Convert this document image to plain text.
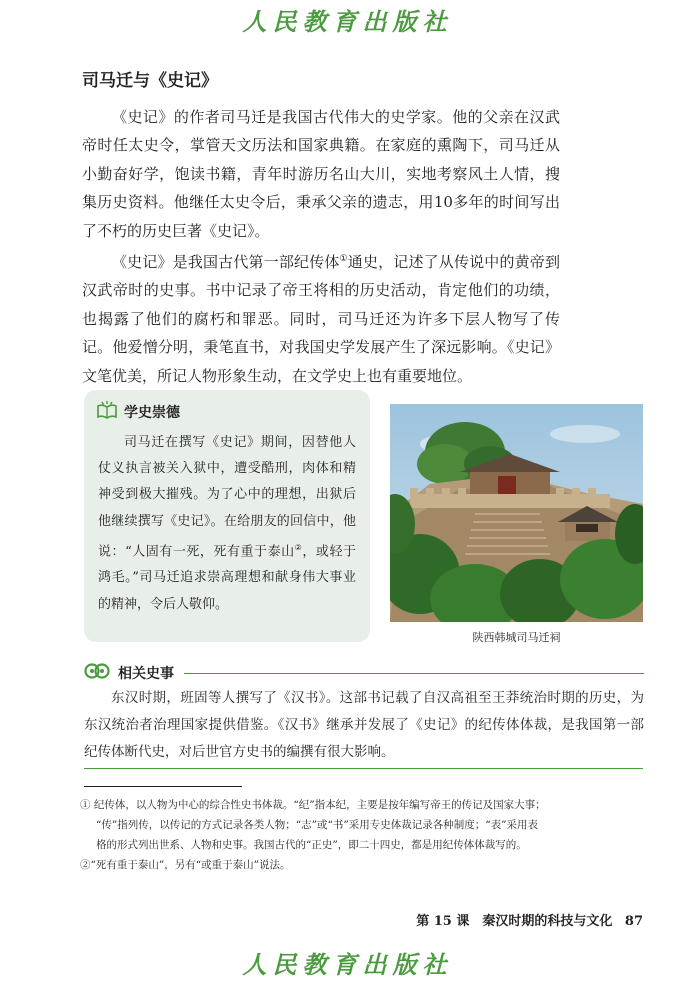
人民教育出版社
司马迁与《史记》

《史记》的作者司马迁是我国古代伟大的史学家。他的父亲在汉武帝时任太史令，掌管天文历法和国家典籍。在家庭的熏陶下，司马迁从小勤奋好学，饱读书籍，青年时游历名山大川，实地考察风土人情，搜集历史资料。他继任太史令后，秉承父亲的遗志，用10多年的时间写出了不朽的历史巨著《史记》。

《史记》是我国古代第一部纪传体①通史，记述了从传说中的黄帝到汉武帝时的史事。书中记录了帝王将相的历史活动，肯定他们的功绩，也揭露了他们的腐朽和罪恶。同时，司马迁还为许多下层人物写了传记。他爱憎分明，秉笔直书，对我国史学发展产生了深远影响。《史记》文笔优美，所记人物形象生动，在文学史上也有重要地位。

学史崇德

司马迁在撰写《史记》期间，因替他人仗义执言被关入狱中，遭受酷刑，肉体和精神受到极大摧残。为了心中的理想，出狱后他继续撰写《史记》。在给朋友的回信中，他说：“人固有一死，死有重于泰山②，或轻于鸿毛。”司马迁追求崇高理想和献身伟大事业的精神，令后人敬仰。

陕西韩城司马迁祠
相关史事

东汉时期，班固等人撰写了《汉书》。这部书记载了自汉高祖至王莽统治时期的历史，为东汉统治者治理国家提供借鉴。《汉书》继承并发展了《史记》的纪传体体裁，是我国第一部纪传体断代史，对后世官方史书的编撰有很大影响。

① 纪传体，以人物为中心的综合性史书体裁。“纪”指本纪，主要是按年编写帝王的传记及国家大事；

“传”指列传，以传记的方式记录各类人物；“志”或“书”采用专史体裁记录各种制度；“表”采用表

格的形式列出世系、人物和史事。我国古代的“正史”，即二十四史，都是用纪传体体裁写的。

②“死有重于泰山”，另有“或重于泰山”说法。

第 15 课　秦汉时期的科技与文化 87
人民教育出版社
